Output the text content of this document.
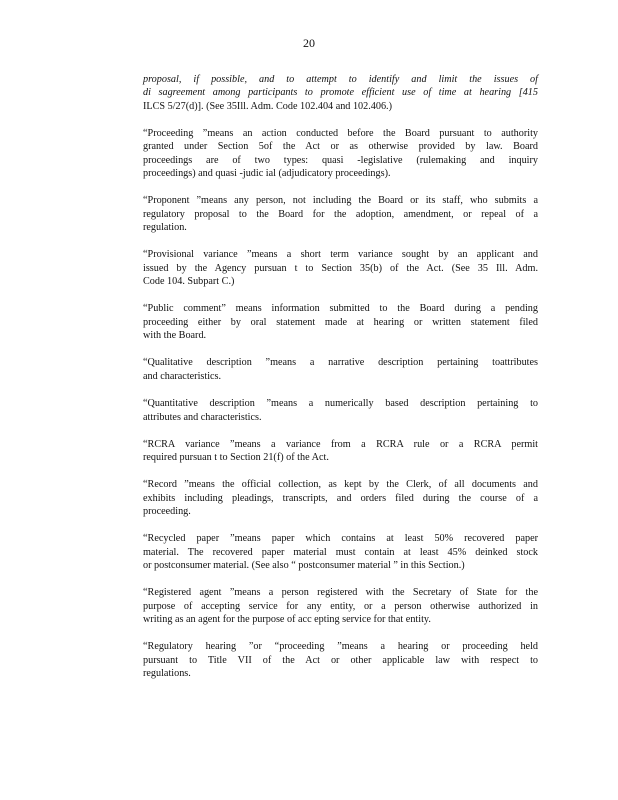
20
proposal, if possible, and to attempt to identify and limit the issues of
di sagreement among participants to promote efficient use of time at hearing [415
ILCS 5/27(d)]. (See 35Ill. Adm. Code 102.404 and 102.406.)
“Proceeding ”means an action conducted before the Board pursuant to authority
granted under Section 5of the Act or as otherwise provided by law. Board
proceedings are of two types: quasi -legislative (rulemaking and inquiry
proceedings) and quasi -judic ial (adjudicatory proceedings).
“Proponent ”means any person, not including the Board or its staff, who submits a
regulatory proposal to the Board for the adoption, amendment, or repeal of a
regulation.
“Provisional variance ”means a short term variance sought by an applicant and
issued by the Agency pursuan t to Section 35(b) of the Act. (See 35 Ill. Adm.
Code 104. Subpart C.)
“Public comment” means information submitted to the Board during a pending
proceeding either by oral statement made at hearing or written statement filed
with the Board.
“Qualitative description ”means a narrative description pertaining toattributes
and characteristics.
“Quantitative description ”means a numerically based description pertaining to
attributes and characteristics.
“RCRA variance ”means a variance from a RCRA rule or a RCRA permit
required pursuan t to Section 21(f) of the Act.
“Record ”means the official collection, as kept by the Clerk, of all documents and
exhibits including pleadings, transcripts, and orders filed during the course of a
proceeding.
“Recycled paper ”means paper which contains at least 50% recovered paper
material. The recovered paper material must contain at least 45% deinked stock
or postconsumer material. (See also “ postconsumer material ” in this Section.)
“Registered agent ”means a person registered with the Secretary of State for the
purpose of accepting service for any entity, or a person otherwise authorized in
writing as an agent for the purpose of acc epting service for that entity.
“Regulatory hearing ”or “proceeding ”means a hearing or proceeding held
pursuant to Title VII of the Act or other applicable law with respect to
regulations.
